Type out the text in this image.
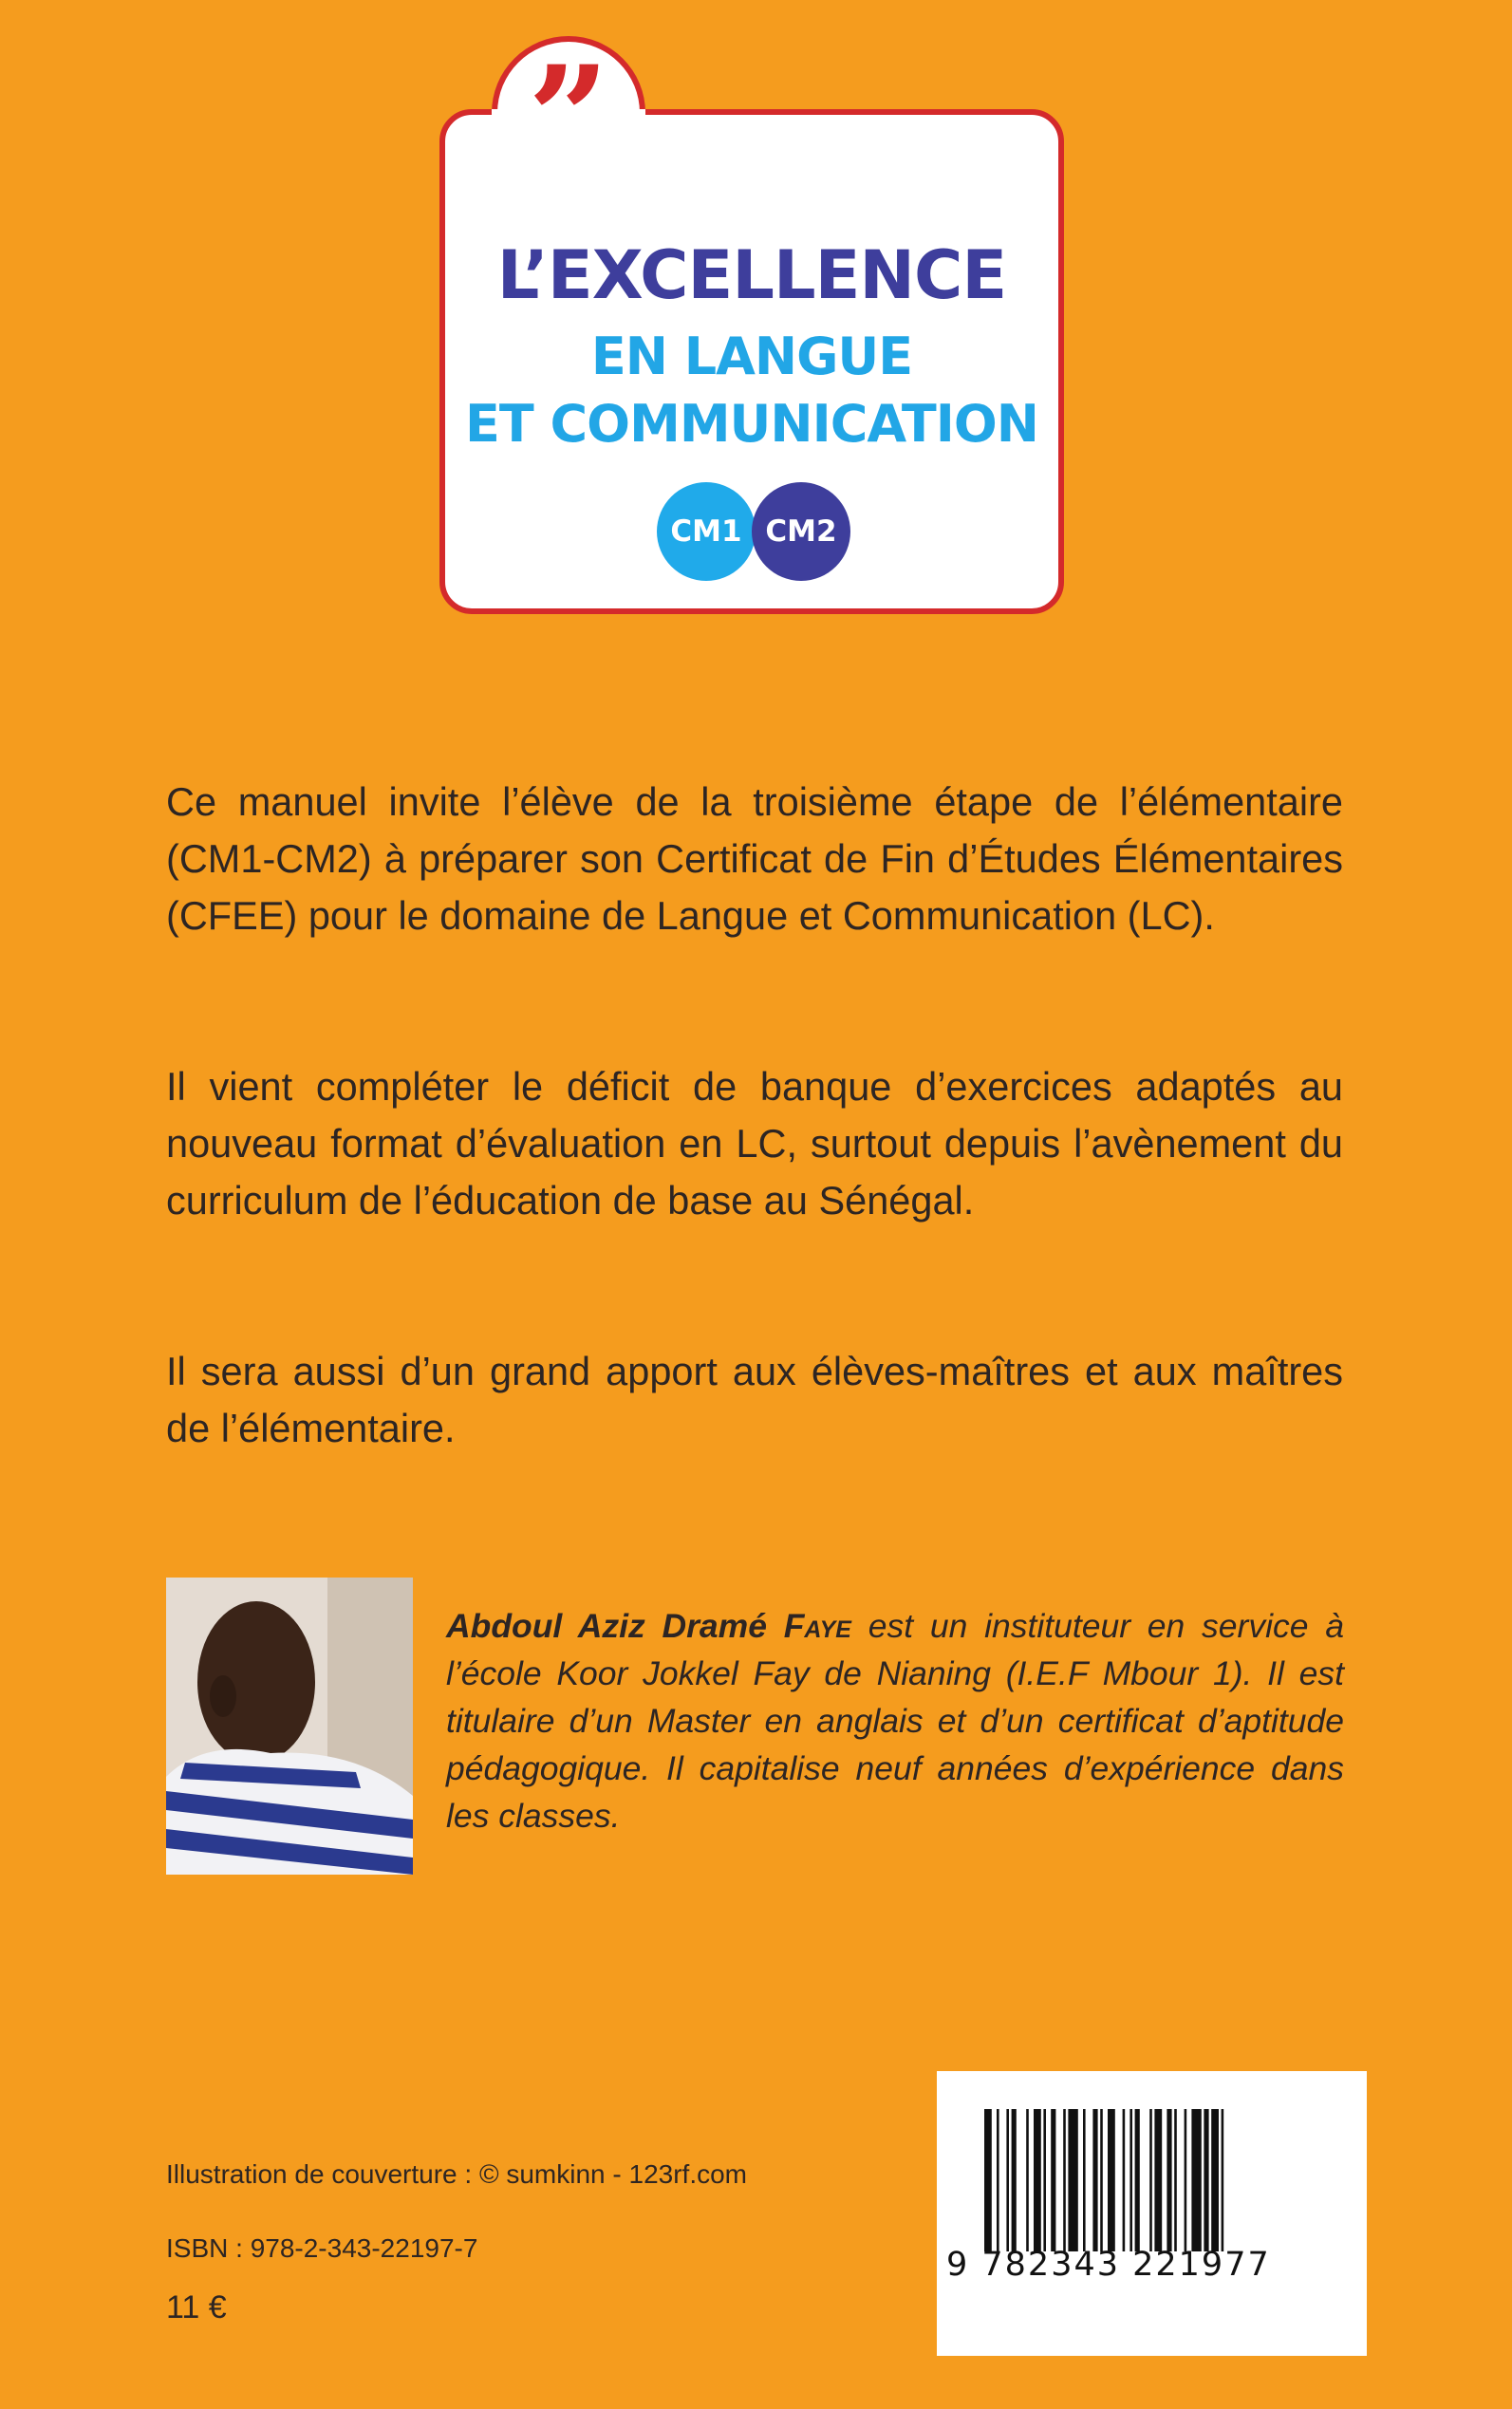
”
L’EXCELLENCE
EN LANGUE
ET COMMUNICATION
CM1 CM2

Ce manuel invite l’élève de la troisième étape de l’élémentaire (CM1-CM2) à préparer son Certificat de Fin d’Études Élémentaires (CFEE) pour le domaine de Langue et Communication (LC).

Il vient compléter le déficit de banque d’exercices adaptés au nouveau format d’évaluation en LC, surtout depuis l’avènement du curriculum de l’éducation de base au Sénégal.

Il sera aussi d’un grand apport aux élèves-maîtres et aux maîtres de l’élémentaire.

Abdoul Aziz Dramé Faye est un instituteur en service à l’école Koor Jokkel Fay de Nianing (I.E.F Mbour 1). Il est titulaire d’un Master en anglais et d’un certificat d’aptitude pédagogique. Il capitalise neuf années d’expérience dans les classes.

Illustration de couverture : © sumkinn - 123rf.com
ISBN : 978-2-343-22197-7
11 €
9 782343 221977
